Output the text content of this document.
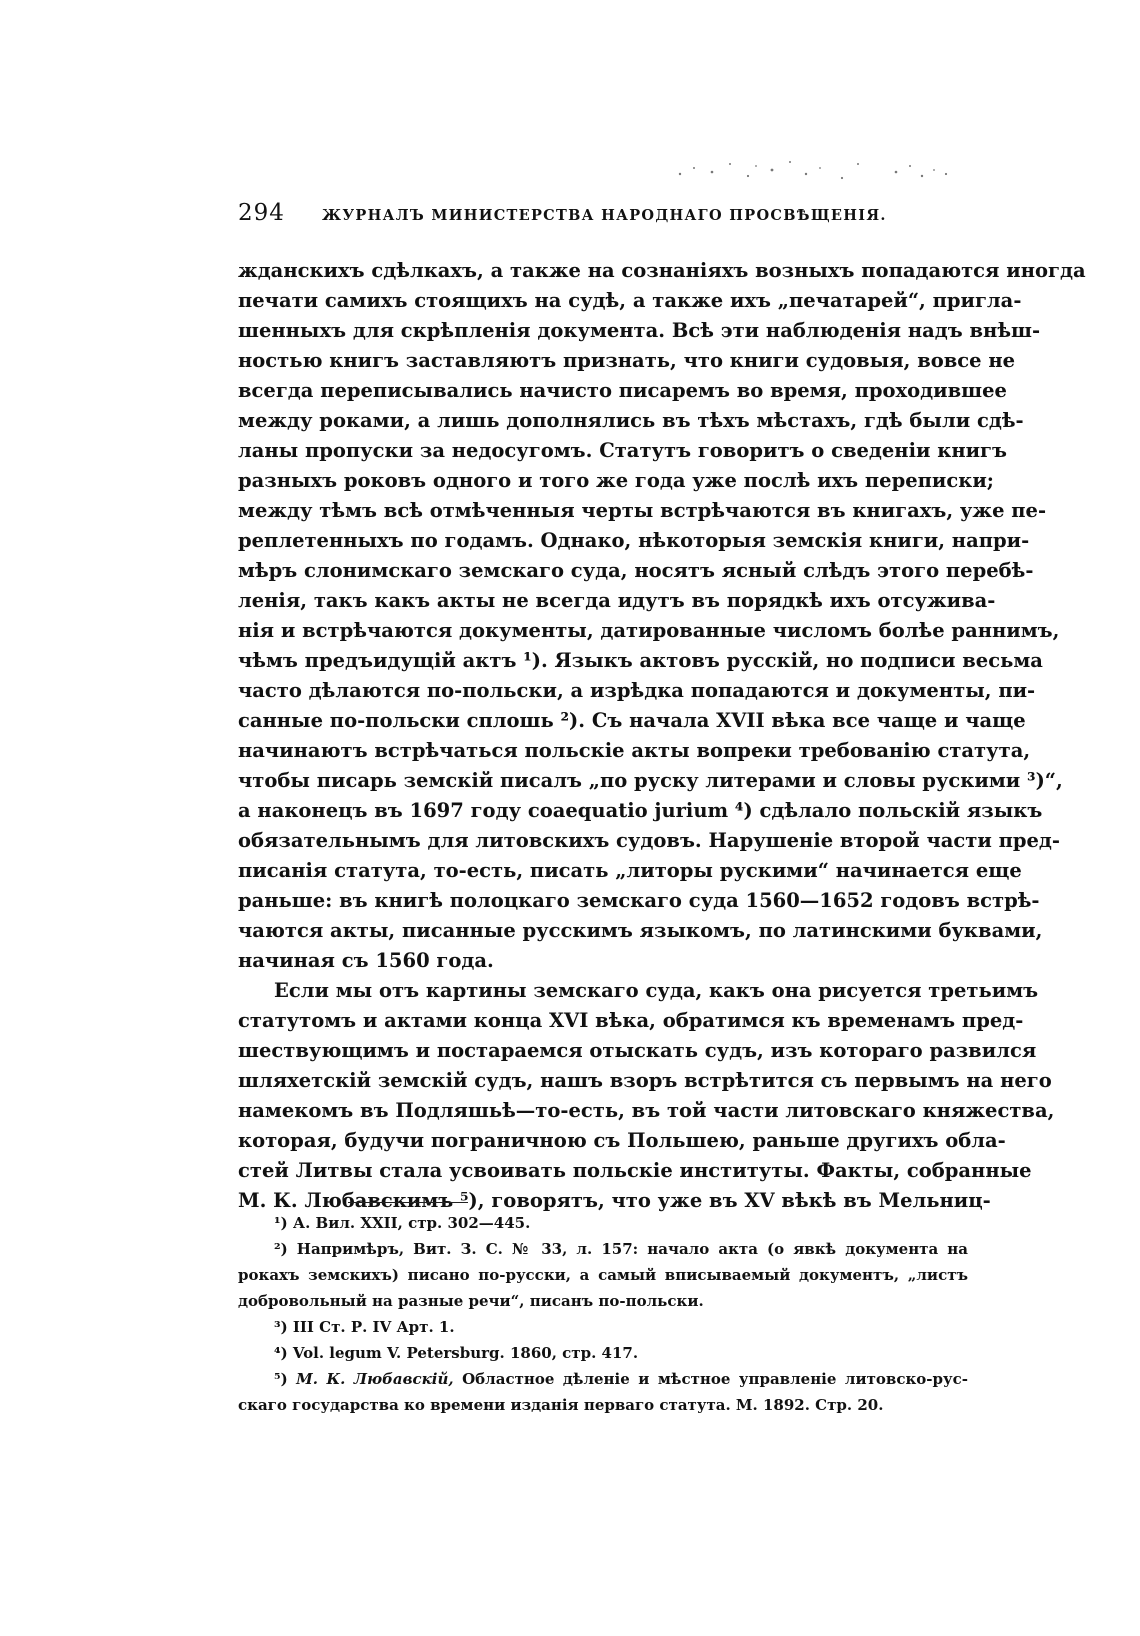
294	ЖУРНАЛЪ МИНИСТЕРСТВА НАРОДНАГО ПРОСВѢЩЕНІЯ.
жданскихъ сдѣлкахъ, а также на сознаніяхъ возныхъ попадаются иногда
печати самихъ стоящихъ на судѣ, а также ихъ „печатарей“, пригла-
шенныхъ для скрѣпленія документа. Всѣ эти наблюденія надъ внѣш-
ностью книгъ заставляютъ признать, что книги судовыя, вовсе не
всегда переписывались начисто писаремъ во время, проходившее
между роками, а лишь дополнялись въ тѣхъ мѣстахъ, гдѣ были сдѣ-
ланы пропуски за недосугомъ. Статутъ говоритъ о сведеніи книгъ
разныхъ роковъ одного и того же года уже послѣ ихъ переписки;
между тѣмъ всѣ отмѣченныя черты встрѣчаются въ книгахъ, уже пе-
реплетенныхъ по годамъ. Однако, нѣкоторыя земскія книги, напри-
мѣръ слонимскаго земскаго суда, носятъ ясный слѣдъ этого перебѣ-
ленія, такъ какъ акты не всегда идутъ въ порядкѣ ихъ отсуживa-
нія и встрѣчаются документы, датированные числомъ болѣе раннимъ,
чѣмъ предъидущій актъ ¹). Языкъ актовъ русскій, но подписи весьма
часто дѣлаются по-польски, а изрѣдка попадаются и документы, пи-
санные по-польски сплошь ²). Съ начала XVII вѣка все чаще и чаще
начинаютъ встрѣчаться польскіе акты вопреки требованію статута,
чтобы писарь земскій писалъ „по руску литерами и словы рускими ³)“,
а наконецъ въ 1697 году coaequatio jurium ⁴) сдѣлало польскій языкъ
обязательнымъ для литовскихъ судовъ. Нарушеніе второй части пред-
писанія статута, то-есть, писать „литоры рускими“ начинается еще
раньше: въ книгѣ полоцкаго земскаго суда 1560—1652 годовъ встрѣ-
чаются акты, писанные русскимъ языкомъ, по латинскими буквами,
начиная съ 1560 года.
Если мы отъ картины земскаго суда, какъ она рисуется третьимъ
статутомъ и актами конца XVI вѣка, обратимся къ временамъ пред-
шествующимъ и постараемся отыскать судъ, изъ котораго развился
шляхетскій земскій судъ, нашъ взоръ встрѣтится съ первымъ на него
намекомъ въ Подляшьѣ—то-есть, въ той части литовскаго княжества,
которая, будучи пограничною съ Польшею, раньше другихъ обла-
стей Литвы стала усвоивать польскіе институты. Факты, собранные
М. К. Любавскимъ ⁵), говорятъ, что уже въ XV вѣкѣ въ Мельниц-
¹) А. Вил. XXII, стр. 302—445.
²) Напримѣръ, Вит. З. С. № 33, л. 157: начало акта (о явкѣ документа на
рокахъ земскихъ) писано по-русски, а самый вписываемый документъ, „листъ
добровольный на разные речи“, писанъ по-польски.
³) III Ст. Р. IV Арт. 1.
⁴) Vol. legum V. Petersburg. 1860, стр. 417.
⁵) М. К. Любавскій, Областное дѣленіе и мѣстное управленіе литовско-рус-
скаго государства ко времени изданія перваго статута. М. 1892. Стр. 20.
